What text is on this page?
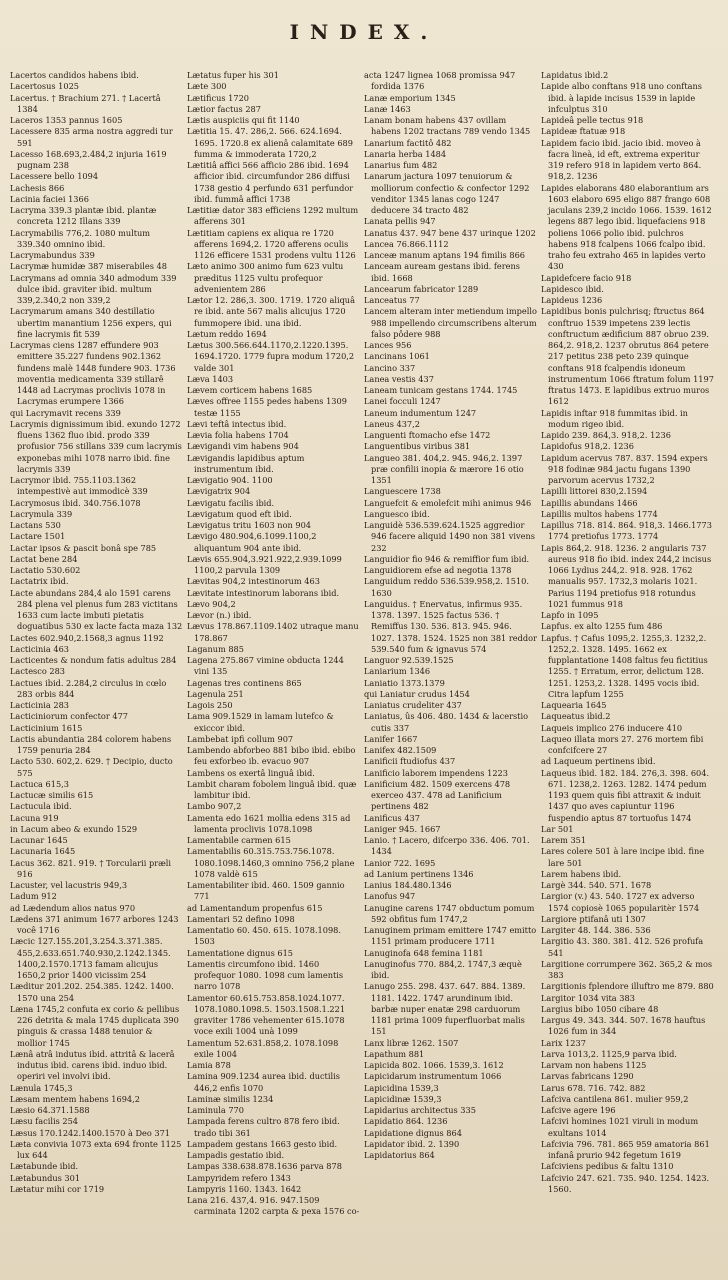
INDEX.

Lacertos candidos habens ibid.

Lacertosus 1025

Lacertus. † Brachium 271. † Lacertâ 1384

Laceros 1353 pannus 1605

Lacessere 835 arma nostra aggredi tur 591

Lacesso 168.693,2.484,2 injuria 1619 pugnam 238

Lacessere bello 1094

Lachesis 866

Lacinia faciei 1366

Lacryma 339.3 plantæ ibid. plantæ concreta 1212 Illans 339

Lacrymabilis 776,2. 1080 multum 339.340 omnino ibid.

Lacrymabundus 339

Lacrymæ humidæ 387 miserabiles 48

Lacrymans ad omnia 340 admodum 339 dulce ibid. graviter ibid. multum 339,2.340,2 non 339,2

Lacrymarum amans 340 destillatio ubertim manantium 1256 expers, qui fine lacrymis fit 539

Lacrymas ciens 1287 effundere 903 emittere 35.227 fundens 902.1362 fundens malè 1448 fundere 903. 1736 moventia medicamenta 339 stillarê 1448 ad Lacrymas proclivis 1078 in Lacrymas erumpere 1366

qui Lacrymavit recens 339

Lacrymis dignissimum ibid. exundo 1272 fluens 1362 fluo ibid. prodo 339 profusior 756 stillans 339 cum lacrymis exponebas mihi 1078 narro ibid. fine lacrymis 339

Lacrymor ibid. 755.1103.1362 intempestivè aut immodicè 339

Lacrymosus ibid. 340.756.1078

Lacrymula 339

Lactans 530

Lactare 1501

Lactar ipsos & pascit bonâ spe 785

Lactat bene 284

Lactatio 530.602

Lactatrix ibid.

Lacte abundans 284,4 alo 1591 carens 284 plena vel plenus fum 283 victitans 1633 cum lacte imbuti pietatis doguatibus 530 ex lacte facta maza 132

Lactes 602.940,2.1568,3 agnus 1192

Lacticinia 463

Lacticentes & nondum fatis adultus 284

Lactesco 283

Lactues ibid. 2.284,2 circulus in cœlo 283 orbis 844

Lacticinia 283

Lacticiniorum confector 477

Lacticinium 1615

Lactis abundantia 284 colorem habens 1759 penuria 284

Lacto 530. 602,2. 629. † Decipio, ducto 575

Lactuca 615,3

Lactucæ similis 615

Lactucula ibid.

Lacuna 919

in Lacum abeo & exundo 1529

Lacunar 1645

Lacunaria 1645

Lacus 362. 821. 919. † Torcularii præli 916

Lacuster, vel lacustris 949,3

Ladum 912

ad Lædendum alios natus 970

Lædens 371 animum 1677 arbores 1243 você 1716

Læcic 127.155.201,3.254.3.371.385. 455,2.633.651.740.930,2.1242.1345. 1400,2.1570.1713 famam alicujus 1650,2 prior 1400 vicissim 254

Læditur 201.202. 254.385. 1242. 1400. 1570 una 254

Læna 1745,2 confuta ex corio & pellibus 226 detrita & mala 1745 duplicata 390 pinguis & crassa 1488 tenuior & mollior 1745

Lænâ atrâ indutus ibid. attritâ & lacerâ indutus ibid. carens ibid. induo ibid. operiri vel involvi ibid.

Lænula 1745,3

Læsam mentem habens 1694,2

Læsio 64.371.1588

Læsu facilis 254

Læsus 170.1242.1400.1570 à Deo 371

Læta convivia 1073 exta 694 fronte 1125 lux 644

Lætabunde ibid.

Lætabundus 301

Lætatur mihi cor 1719

Lætatus fuper his 301

Læte 300

Lætificus 1720

Lætior factus 287

Lætis auspiciis qui fit 1140

Lætitia 15. 47. 286,2. 566. 624.1694. 1695. 1720.8 ex alienâ calamitate 689 fumma & immoderata 1720,2

Lætitiâ affici 566 afficio 286 ibid. 1694 afficior ibid. circumfundor 286 diffusi 1738 gestio 4 perfundo 631 perfundor ibid. fummâ affici 1738

Lætitiæ dator 383 efficiens 1292 multum afferens 301

Lætitiam capiens ex aliqua re 1720 afferens 1694,2. 1720 afferens oculis 1126 efficere 1531 prodens vultu 1126

Læto animo 300 animo fum 623 vultu præditus 1125 vultu profequor advenientem 286

Lætor 12. 286,3. 300. 1719. 1720 aliquâ re ibid. ante 567 malis alicujus 1720 fummopere ibid. una ibid.

Lætum reddo 1694

Lætus 300.566.644.1170,2.1220.1395. 1694.1720. 1779 fupra modum 1720,2 valde 301

Læva 1403

Lævem corticem habens 1685

Læves offree 1155 pedes habens 1309 testæ 1155

Lævi teftâ intectus ibid.

Lævia folia habens 1704

Lævigandi vim habens 904

Lævigandis lapidibus aptum instrumentum ibid.

Lævigatio 904. 1100

Lævigatrix 904

Lævigatu facilis ibid.

Lævigatum quod eft ibid.

Lævigatus tritu 1603 non 904

Lævigo 480.904,6.1099.1100,2 aliquantum 904 ante ibid.

Lævis 655.904,3.921.922,2.939.1099 1100,2 parvula 1309

Lævitas 904,2 intestinorum 463

Lævitate intestinorum laborans ibid.

Lævo 904,2

Lævor (n.) ibid.

Lævus 178.867.1109.1402 utraque manu 178.867

Laganum 885

Lagena 275.867 vimine obducta 1244 vini 135

Lagenas tres continens 865

Lagenula 251

Lagois 250

Lama 909.1529 in lamam lutefco & exiccor ibid.

Lambebat ipfi collum 907

Lambendo abforbeo 881 bibo ibid. ebibo feu exforbeo ib. evacuo 907

Lambens os exertâ linguâ ibid.

Lambit charam fobolem linguâ ibid. quæ lambitur ibid.

Lambo 907,2

Lamenta edo 1621 mollia edens 315 ad lamenta proclivis 1078.1098

Lamentabile carmen 615

Lamentabilis 60.315.753.756.1078. 1080.1098.1460,3 omnino 756,2 plane 1078 valdè 615

Lamentabiliter ibid. 460. 1509 gannio 771

ad Lamentandum propenfus 615

Lamentari 52 defino 1098

Lamentatio 60. 450. 615. 1078.1098. 1503

Lamentatione dignus 615

Lamentis circumfono ibid. 1460 profequor 1080. 1098 cum lamentis narro 1078

Lamentor 60.615.753.858.1024.1077. 1078.1080.1098.5. 1503.1508.1.221 graviter 1786 vehementer 615.1078 voce exili 1004 unà 1099

Lamentum 52.631.858,2. 1078.1098 exile 1004

Lamia 878

Lamina 909.1234 aurea ibid. ductilis 446,2 enfis 1070

Laminæ similis 1234

Laminula 770

Lampada ferens cultro 878 fero ibid. trado tibi 361

Lampadem gestans 1663 gesto ibid.

Lampadis gestatio ibid.

Lampas 338.638.878.1636 parva 878

Lampyridem refero 1343

Lampyris 1160. 1343. 1642

Lana 216. 437,4. 916. 947.1509 carminata 1202 carpta & pexa 1576 co-

acta 1247 lignea 1068 promissa 947 fordida 1376

Lanæ emporium 1345

Lanæ 1463

Lanam bonam habens 437 ovillam habens 1202 tractans 789 vendo 1345

Lanarium factitô 482

Lanaria herba 1484

Lanarius fum 482

Lanarum jactura 1097 tenuiorum & molliorum confectio & confector 1292 venditor 1345 lanas cogo 1247 deducere 34 tracto 482

Lanata pellis 947

Lanatus 437. 947 bene 437 urinque 1202

Lancea 76.866.1112

Lanceæ manum aptans 194 fimilis 866

Lanceam auream gestans ibid. ferens ibid. 1668

Lancearum fabricator 1289

Lanceatus 77

Lancem alteram inter metiendum impello 988 impellendo circumscribens alterum falso pôdere 988

Lances 956

Lancinans 1061

Lancino 337

Lanea vestis 437

Laneam tunicam gestans 1744. 1745

Lanei focculi 1247

Laneum indumentum 1247

Laneus 437,2

Languenti ftomacho efse 1472

Languentibus viribus 381

Langueo 381. 404,2. 945. 946,2. 1397 præ confilii inopia & mærore 16 otio 1351

Languescere 1738

Languefcit & emolefcit mihi animus 946

Languesco ibid.

Languidè 536.539.624.1525 aggredior 946 facere aliquid 1490 non 381 vivens 232

Languidior fio 946 & remiffior fum ibid.

Languidiorem efse ad negotia 1378

Languidum reddo 536.539.958,2. 1510. 1630

Languidus. † Enervatus, infirmus 935. 1378. 1397. 1525 factus 536. † Remiffus 130. 536. 813. 945. 946. 1027. 1378. 1524. 1525 non 381 reddor 539.540 fum & ignavus 574

Languor 92.539.1525

Laniarium 1346

Laniatio 1373.1379

qui Laniatur crudus 1454

Laniatus crudeliter 437

Laniatus, ûs 406. 480. 1434 & lacerstio cutis 337

Lanifer 1667

Lanifex 482.1509

Lanificii ftudiofus 437

Lanificio laborem impendens 1223

Lanificium 482. 1509 exercens 478 exerceo 437. 478 ad Lanificium pertinens 482

Lanificus 437

Laniger 945. 1667

Lanio. † Lacero, difcerpo 336. 406. 701. 1434

Lanior 722. 1695

ad Lanium pertinens 1346

Lanius 184.480.1346

Lanofus 947

Lanugine carens 1747 obductum pomum 592 obfitus fum 1747,2

Lanuginem primam emittere 1747 emitto 1151 primam producere 1711

Lanuginofa 648 femina 1181

Lanuginofus 770. 884,2. 1747,3 æquè ibid.

Lanugo 255. 298. 437. 647. 884. 1389. 1181. 1422. 1747 arundinum ibid. barbæ nuper enatæ 298 carduorum 1181 prima 1009 fuperfluorbat malis 151

Lanx libræ 1262. 1507

Lapathum 881

Lapicida 802. 1066. 1539,3. 1612

Lapicidarum instrumentum 1066

Lapicidina 1539,3

Lapicidinæ 1539,3

Lapidarius architectus 335

Lapidatio 864. 1236

Lapidatione dignus 864

Lapidator ibid. 2. 1390

Lapidatorius 864

Lapidatus ibid.2

Lapide albo conftans 918 uno conftans ibid. à lapide incisus 1539 in lapide infculptus 310

Lapideâ pelle tectus 918

Lapideæ ftatuæ 918

Lapidem facio ibid. jacio ibid. moveo à facra lineà, id eft, extrema experitur 319 refero 918 in lapidem verto 864. 918,2. 1236

Lapides elaborans 480 elaborantium ars 1603 elaboro 695 eligo 887 frango 608 jaculans 239,2 incido 1066. 1539. 1612 legens 887 lego ibid. liquefaciens 918 poliens 1066 polio ibid. pulchros habens 918 fcalpens 1066 fcalpo ibid. traho feu extraho 465 in lapides verto 430

Lapidefcere facio 918

Lapidesco ibid.

Lapideus 1236

Lapidibus bonis pulchrisq; ftructus 864 conftruo 1539 impetens 239 lectis conftructum ædificium 887 obruo 239. 864,2. 918,2. 1237 obrutus 864 petere 217 petitus 238 peto 239 quinque conftans 918 fcalpendis idoneum instrumentum 1066 ftratum folum 1197 ftratus 1473. E lapidibus extruo muros 1612

Lapidis inftar 918 fummitas ibid. in modum rigeo ibid.

Lapido 239. 864,3. 918,2. 1236

Lapidofus 918,2. 1236

Lapidum acervus 787. 837. 1594 expers 918 fodinæ 984 jactu fugans 1390 parvorum acervus 1732,2

Lapilli littorei 830,2.1594

Lapillis abundans 1466

Lapillis multos habens 1774

Lapillus 718. 814. 864. 918,3. 1466.1773 1774 pretiofus 1773. 1774

Lapis 864,2. 918. 1236. 2 angularis 737 aureus 918 fio ibid. index 244,2 incisus 1066 Lydius 244,2. 918. 928. 1762 manualis 957. 1732,3 molaris 1021. Parius 1194 pretiofus 918 rotundus 1021 fummus 918

Lapfo in 1095

Lapfus. ex alto 1255 fum 486

Lapfus. † Cafus 1095,2. 1255,3. 1232,2. 1252,2. 1328. 1495. 1662 ex fupplantatione 1408 faltus feu fictitius 1255. † Erratum, error, delictum 128. 1251. 1253,2. 1328. 1495 vocis ibid. Citra lapfum 1255

Laquearia 1645

Laqueatus ibid.2

Laqueis implico 276 inducere 410

Laqueo illata mors 27. 276 mortem fibi confcifcere 27

ad Laqueum pertinens ibid.

Laqueus ibid. 182. 184. 276,3. 398. 604. 671. 1238,2. 1263. 1282. 1474 pedum 1193 quem quis fibi attraxit & induit 1437 quo aves capiuntur 1196 fuspendio aptus 87 tortuofus 1474

Lar 501

Larem 351

Lares colere 501 à lare incipe ibid. fine lare 501

Larem habens ibid.

Largè 344. 540. 571. 1678

Largior (v.) 43. 540. 1727 ex adverso 1574 copiosè 1065 popularitèr 1574

Largiore ptifanâ uti 1307

Largiter 48. 144. 386. 536

Largitio 43. 380. 381. 412. 526 profufa 541

Largitione corrumpere 362. 365,2 & mos 383

Largitionis fplendore illuftro me 879. 880

Largitor 1034 vita 383

Largius bibo 1050 cibare 48

Largus 49. 343. 344. 507. 1678 hauftus 1026 fum in 344

Larix 1237

Larva 1013,2. 1125,9 parva ibid.

Larvam non habens 1125

Larvas fabricans 1290

Larus 678. 716. 742. 882

Lafciva cantilena 861. mulier 959,2

Lafcive agere 196

Lafcivi homines 1021 viruli in modum exultans 1014

Lafcivia 796. 781. 865 959 amatoria 861 infanâ prurio 942 fegetum 1619

Lafciviens pedibus & faltu 1310

Lafcivio 247. 621. 735. 940. 1254. 1423. 1560.
